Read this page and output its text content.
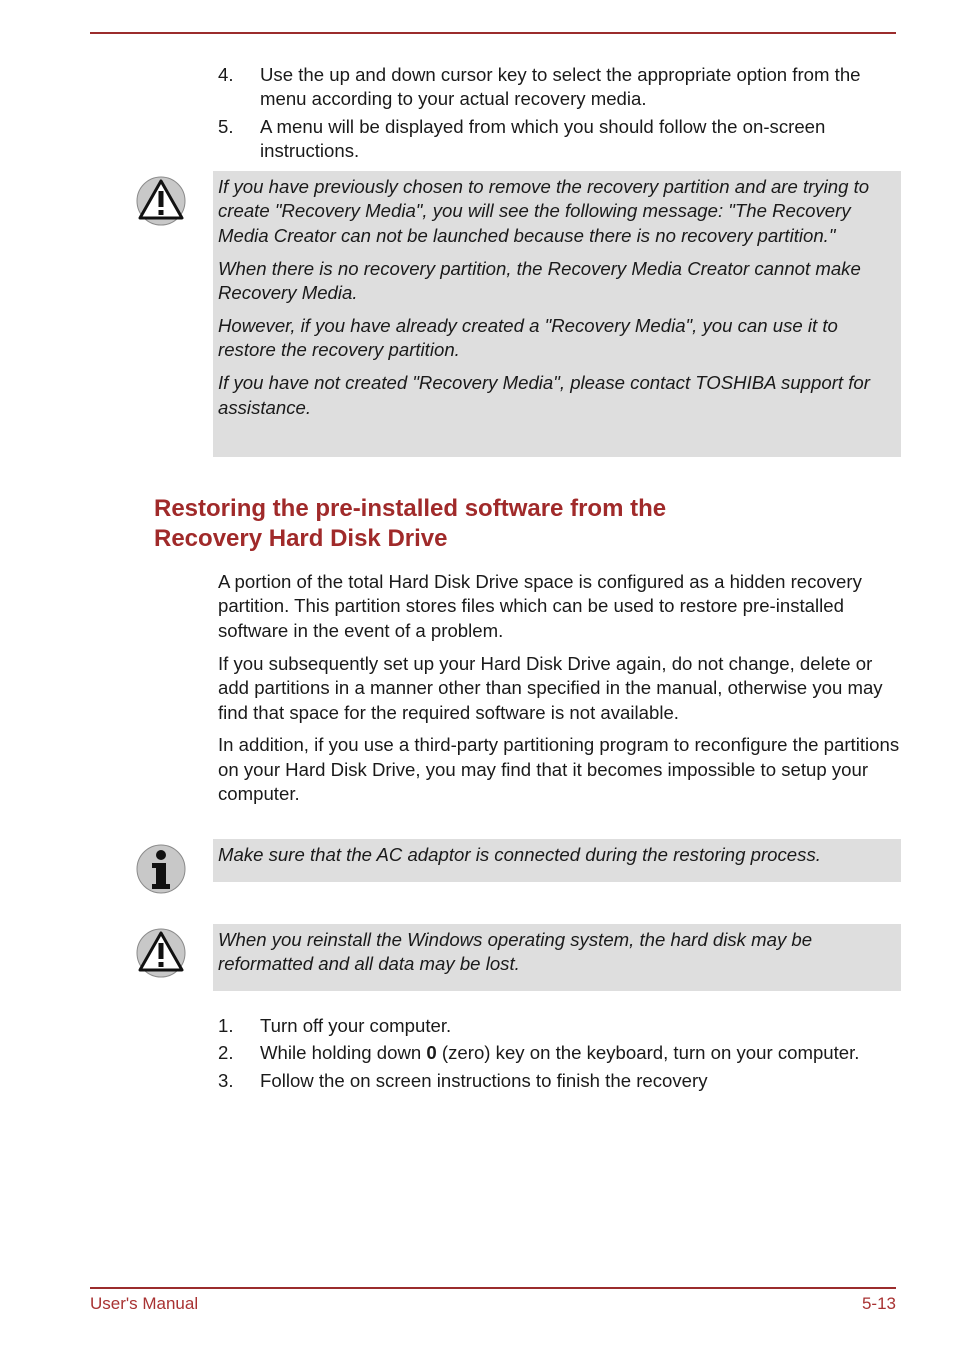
4. Use the up and down cursor key to select the appropriate option from the menu according to your actual recovery media.
5. A menu will be displayed from which you should follow the on-screen instructions.

If you have previously chosen to remove the recovery partition and are trying to create "Recovery Media", you will see the following message: "The Recovery Media Creator can not be launched because there is no recovery partition."

When there is no recovery partition, the Recovery Media Creator cannot make Recovery Media.

However, if you have already created a "Recovery Media", you can use it to restore the recovery partition.

If you have not created "Recovery Media", please contact TOSHIBA support for assistance.

Restoring the pre-installed software from the
Recovery Hard Disk Drive

A portion of the total Hard Disk Drive space is configured as a hidden recovery partition. This partition stores files which can be used to restore pre-installed software in the event of a problem.

If you subsequently set up your Hard Disk Drive again, do not change, delete or add partitions in a manner other than specified in the manual, otherwise you may find that space for the required software is not available.

In addition, if you use a third-party partitioning program to reconfigure the partitions on your Hard Disk Drive, you may find that it becomes impossible to setup your computer.

Make sure that the AC adaptor is connected during the restoring process.

When you reinstall the Windows operating system, the hard disk may be reformatted and all data may be lost.

1. Turn off your computer.
2. While holding down 0 (zero) key on the keyboard, turn on your computer.
3. Follow the on screen instructions to finish the recovery
User's Manual	5-13
